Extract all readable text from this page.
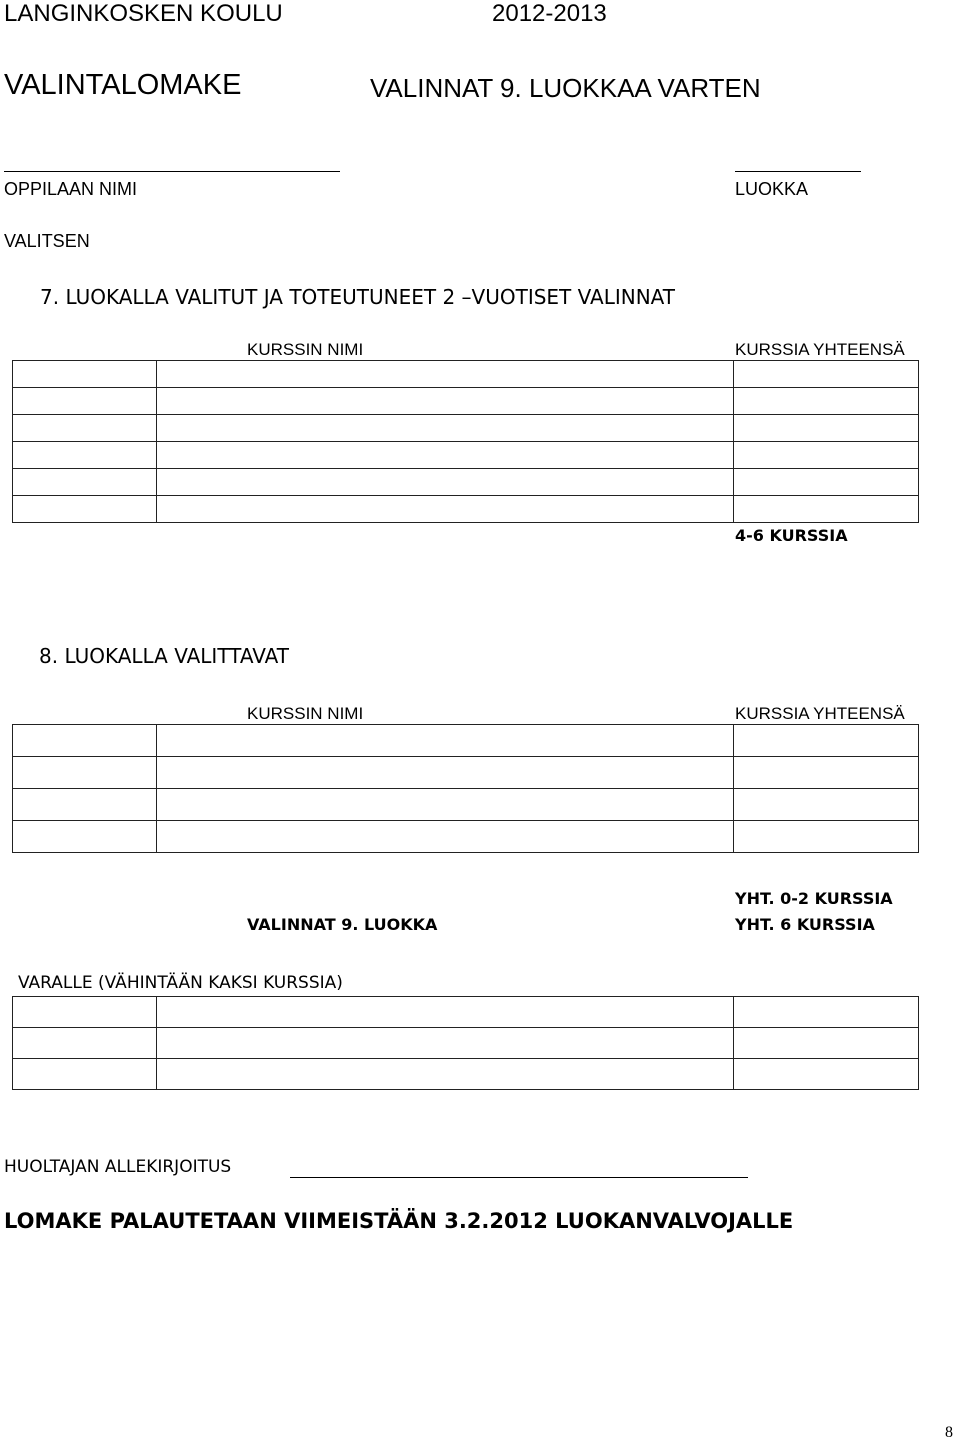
LANGINKOSKEN KOULU	2012-2013
VALINTALOMAKE	VALINNAT 9. LUOKKAA VARTEN
OPPILAAN NIMI	LUOKKA
VALITSEN
7. LUOKALLA VALITUT JA TOTEUTUNEET 2 –VUOTISET VALINNAT
KURSSIN NIMI	KURSSIA YHTEENSÄ

4-6 KURSSIA
8. LUOKALLA VALITTAVAT
KURSSIN NIMI	KURSSIA YHTEENSÄ

YHT. 0-2 KURSSIA
VALINNAT 9. LUOKKA	YHT. 6 KURSSIA
VARALLE (VÄHINTÄÄN KAKSI KURSSIA)

HUOLTAJAN ALLEKIRJOITUS
LOMAKE PALAUTETAAN VIIMEISTÄÄN 3.2.2012 LUOKANVALVOJALLE
8
